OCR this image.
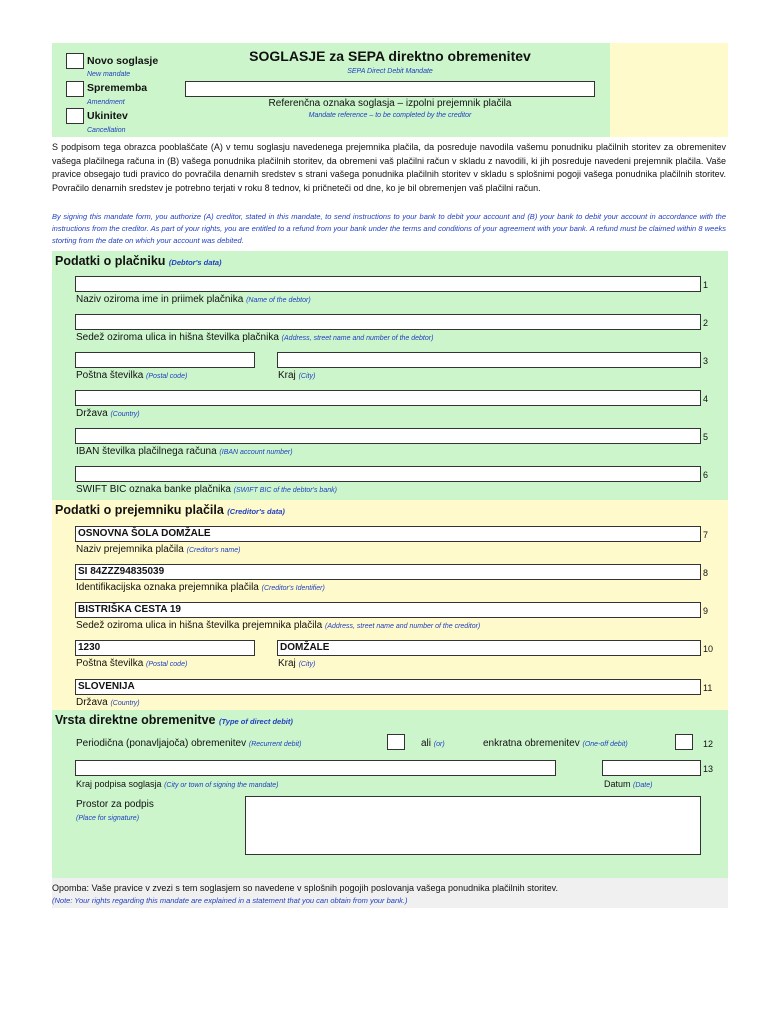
Novo soglasje
New mandate
Sprememba
Amendment
Ukinitev
Cancellation
SOGLASJE za SEPA direktno obremenitev
SEPA Direct Debit Mandate
Referenčna oznaka soglasja – izpolni prejemnik plačila
Mandate reference – to be completed by the creditor
S podpisom tega obrazca pooblaščate (A) v temu soglasju navedenega prejemnika plačila, da posreduje navodila vašemu ponudniku plačilnih storitev za obremenitev vašega plačilnega računa in (B) vašega ponudnika plačilnih storitev, da obremeni vaš plačilni račun v skladu z navodili, ki jih posreduje navedeni prejemnik plačila. Vaše pravice obsegajo tudi pravico do povračila denarnih sredstev s strani vašega ponudnika plačilnih storitev v skladu s splošnimi pogoji vašega ponudnika plačilnih storitev. Povračilo denarnih sredstev je potrebno terjati v roku 8 tednov, ki pričneteči od dne, ko je bil obremenjen vaš plačilni račun.
By signing this mandate form, you authorize (A) creditor, stated in this mandate, to send instructions to your bank to debit your account and (B) your bank to debit your account in accordance with the instructions from the creditor. As part of your rights, you are entitled to a refund from your bank under the terms and conditions of your agreement with your bank. A refund must be claimed within 8 weeks storting from the date on which your account was debited.
Podatki o plačniku (Debtor's data)
1
Naziv oziroma ime in priimek plačnika (Name of the debtor)
2
Sedež oziroma ulica in hišna številka plačnika (Address, street name and number of the debtor)
3
Poštna številka (Postal code)	Kraj (City)
4
Država (Country)
5
IBAN številka plačilnega računa (IBAN account number)
6
SWIFT BIC oznaka banke plačnika (SWIFT BIC of the debtor's bank)
Podatki o prejemniku plačila (Creditor's data)
OSNOVNA ŠOLA DOMŽALE	7
Naziv prejemnika plačila (Creditor's name)
SI 84ZZZ94835039	8
Identifikacijska oznaka prejemnika plačila (Creditor's Identifier)
BISTRIŠKA CESTA 19	9
Sedež oziroma ulica in hišna številka prejemnika plačila (Address, street name and number of the creditor)
1230	DOMŽALE	10
Poštna številka (Postal code)	Kraj (City)
SLOVENIJA	11
Država (Country)
Vrsta direktne obremenitve (Type of direct debit)
Periodična (ponavljajoča) obremenitev (Recurrent debit)	ali (or)	enkratna obremenitev (One-off debit)	12
13
Kraj podpisa soglasja (City or town of signing the mandate)	Datum (Date)
Prostor za podpis
(Place for signature)
Opomba: Vaše pravice v zvezi s tem soglasjem so navedene v splošnih pogojih poslovanja vašega ponudnika plačilnih storitev.
(Note: Your rights regarding this mandate are explained in a statement that you can obtain from your bank.)
